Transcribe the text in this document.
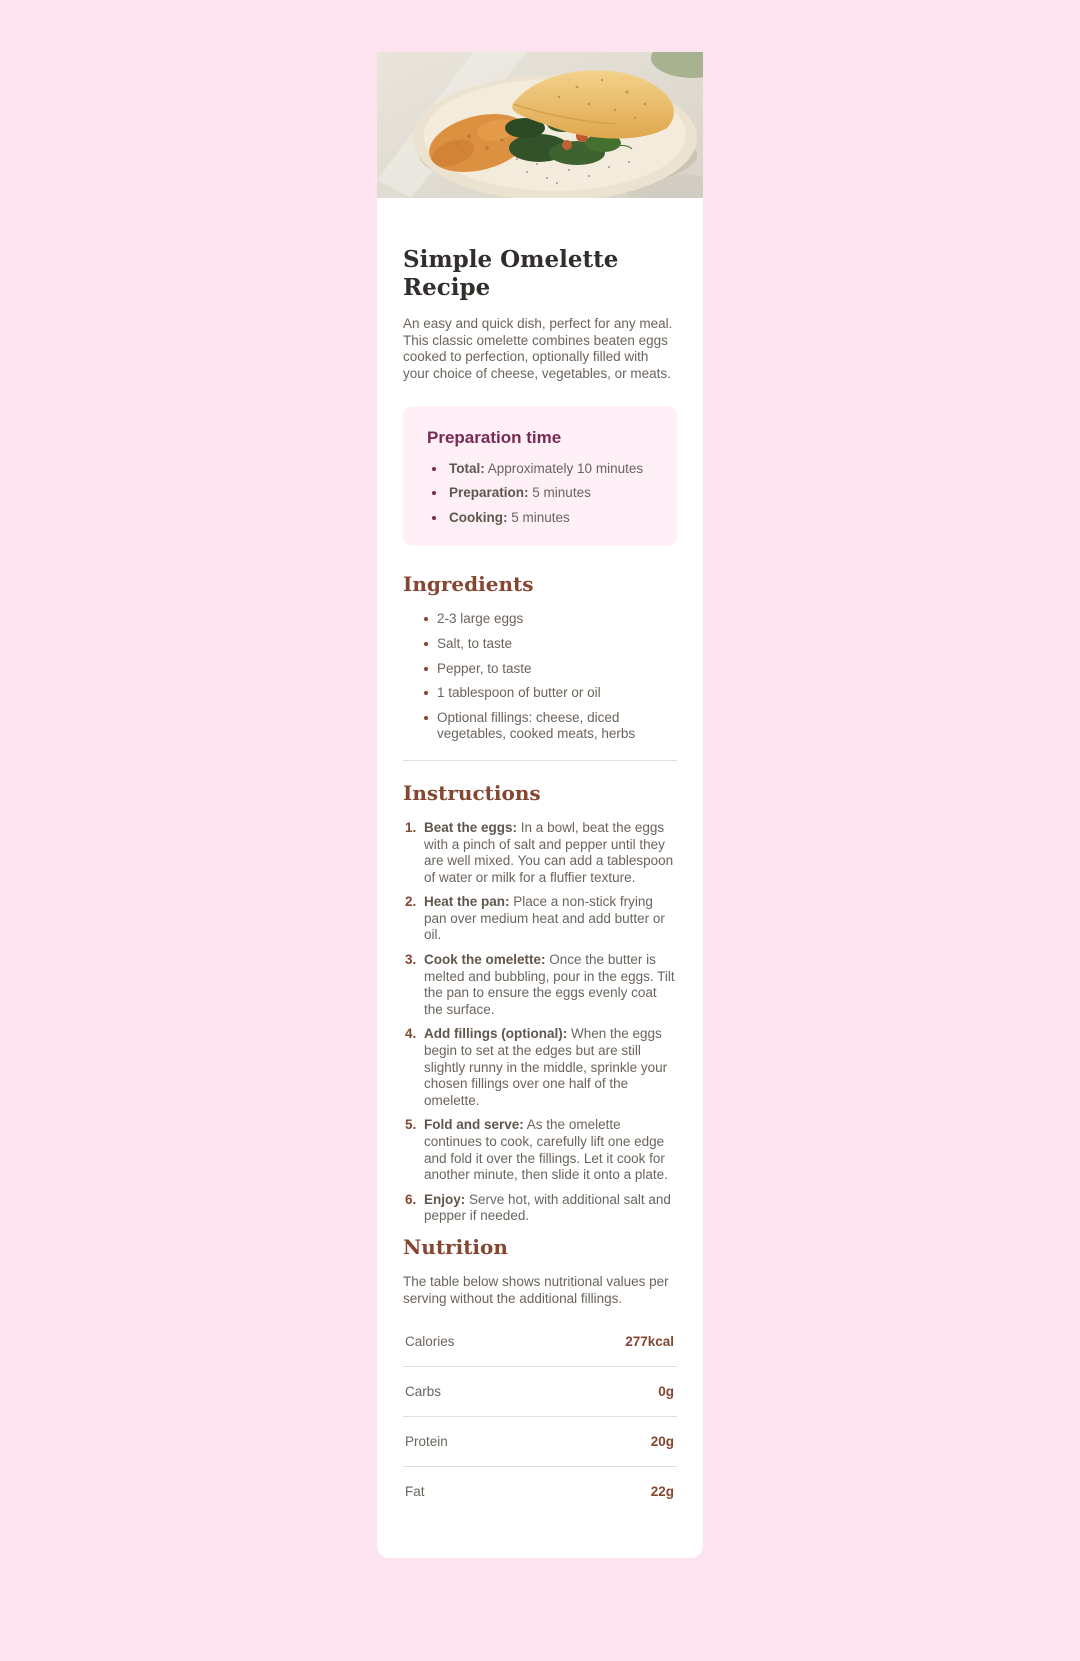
Simple Omelette Recipe

An easy and quick dish, perfect for any meal. This classic omelette combines beaten eggs cooked to perfection, optionally filled with your choice of cheese, vegetables, or meats.

Preparation time
Total: Approximately 10 minutes
Preparation: 5 minutes
Cooking: 5 minutes
Ingredients
2-3 large eggs
Salt, to taste
Pepper, to taste
1 tablespoon of butter or oil
Optional fillings: cheese, diced vegetables, cooked meats, herbs
Instructions
Beat the eggs: In a bowl, beat the eggs with a pinch of salt and pepper until they are well mixed. You can add a tablespoon of water or milk for a fluffier texture.
Heat the pan: Place a non-stick frying pan over medium heat and add butter or oil.
Cook the omelette: Once the butter is melted and bubbling, pour in the eggs. Tilt the pan to ensure the eggs evenly coat the surface.
Add fillings (optional): When the eggs begin to set at the edges but are still slightly runny in the middle, sprinkle your chosen fillings over one half of the omelette.
Fold and serve: As the omelette continues to cook, carefully lift one edge and fold it over the fillings. Let it cook for another minute, then slide it onto a plate.
Enjoy: Serve hot, with additional salt and pepper if needed.
Nutrition

The table below shows nutritional values per serving without the additional fillings.

Calories	277kcal
Carbs	0g
Protein	20g
Fat	22g
